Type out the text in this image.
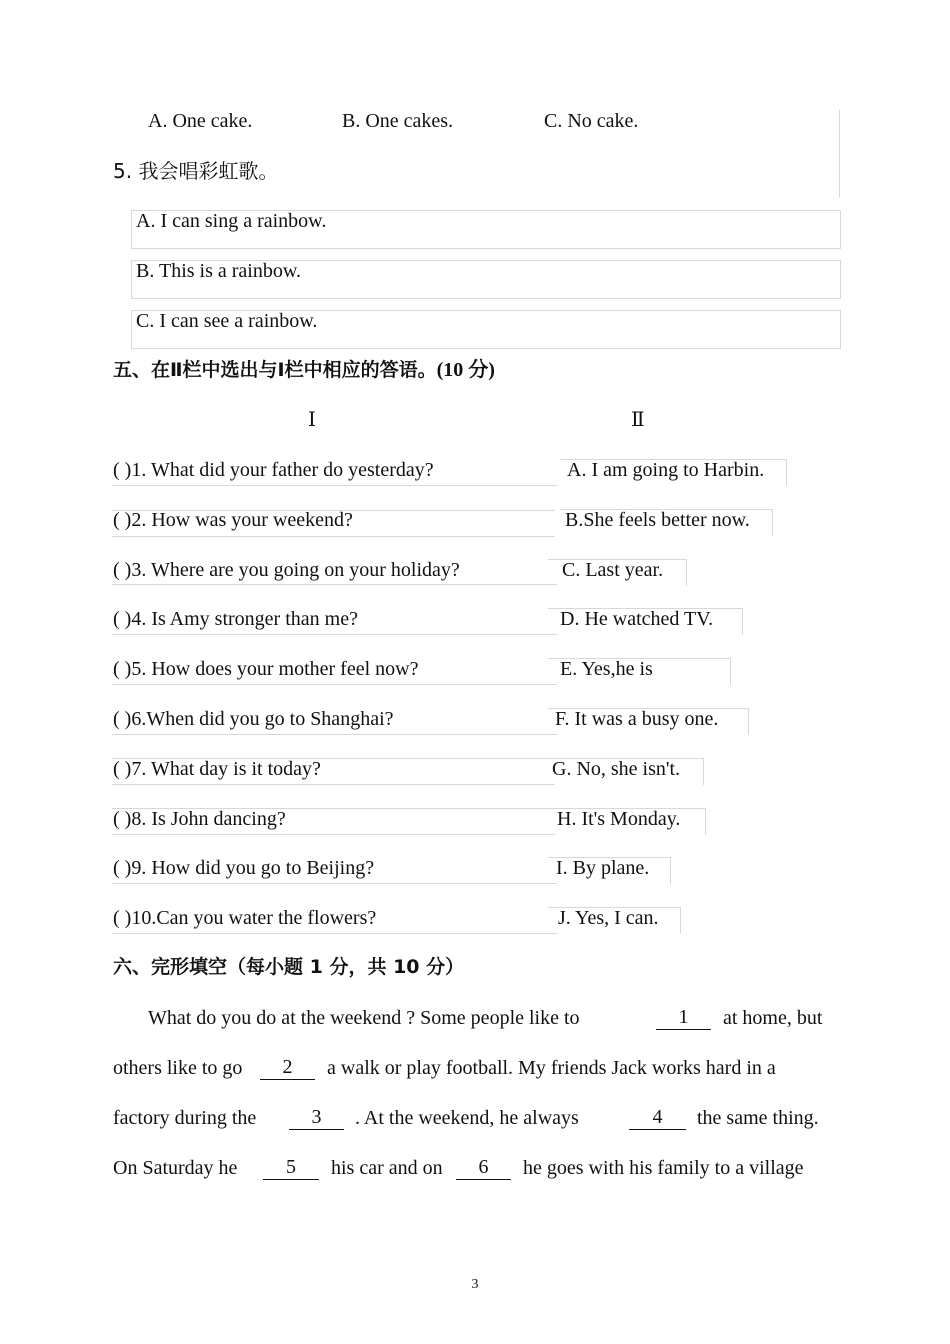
A. One cake.	B. One cakes.	C. No cake.
5. 我会唱彩虹歌。
A. I can sing a rainbow.
B. This is a rainbow.
C. I can see a rainbow.
五、在Ⅱ栏中选出与Ⅰ栏中相应的答语。(10 分)
Ⅰ	Ⅱ
( )1. What did your father do yesterday?	A. I am going to Harbin.
( )2. How was your weekend?	B.She feels better now.
( )3. Where are you going on your holiday?	C. Last year.
( )4. Is Amy stronger than me?	D. He watched TV.
( )5. How does your mother feel now?	E. Yes,he is
( )6.When did you go to Shanghai?	F. It was a busy one.
( )7. What day is it today?	G. No, she isn't.
( )8. Is John dancing?	H. It's Monday.
( )9. How did you go to Beijing?	I. By plane.
( )10.Can you water the flowers?	J. Yes, I can.
六、完形填空（每小题 1 分，共 10 分）
What do you do at the weekend ? Some people like to	1	at home, but
others like to go	2	a walk or play football. My friends Jack works hard in a
factory during the	3	. At the weekend, he always	4	the same thing.
On Saturday he	5	his car and on	6	he goes with his family to a village
3
